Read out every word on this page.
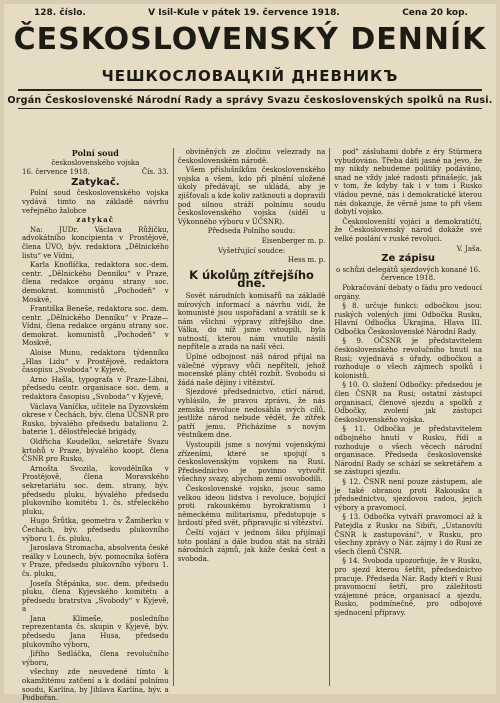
128. číslo.	V Isil-Kule v pátek 19. července 1918.	Cena 20 kop.
ČESKOSLOVENSKÝ DENNÍK
ЧЕШКОСЛОВАЦКІЙ ДНЕВНИКЪ
Orgán Československé Národní Rady a správy Svazu československých spolků na Rusi.
Polní soud

československého vojska

16. července 1918.	Čís. 33.
Zatykač.

Polní soud československého vojska vydává timto na základě návrhu veřejného žalobce

zatykač

Na: JUDr. Václava Růžičku, advokátního koncipienta v Prostějově, člena ÚVO, býv. redaktora „Dělnického listu“ ve Vídni,

Karla Knoflíčka, redaktora soc.-dem. centr. „Dělnického Denníku“ v Praze, člena redakce orgánu strany soc. demokrat. komunistů „Pochodeň“ v Moskvě,

Františka Beneše, redaktora soc. dem. centr. „Dělnického Denníku“ v Praze—Vídni, člena redakce orgánu strany soc. demokrat. komunistů „Pochodeň“ v Moskvě,

Aloise Munu, redaktora týdenníku „Hlas Lidu“ v Prostějově, redaktora časopisu „Svoboda“ v Kyjevě,

Arno Hašla, typografa v Praze-Libni, předsedu centr. organisace soc. dem. a redaktora časopisu „Svoboda“ v Kyjevě,

Václava Vaníčka, učitele na Dyzovském okrese v Čechách, býv. člena ÚČSNR pro Rusko, bývalého předsedu batalionu 2. baterie 1. dělostřelecké brigády,

Oldřicha Koudelku, sekretáře Svazu krtohů v Praze, bývalého koopt. člena ČSNR pro Rusko,

Arnošta Svozila, kovodělníka v Prostějově, člena Moravského sekretariátu soc. dem. strany, býv. předsedu pluku, bývalého předsedu plukovního komitétu 1. čs. střeleckého pluku,

Hugo Šrůtka, geometra v Žamberku v Čechách, býv. předsedu plukovního výboru 1. čs. pluku,

Jaroslava Stromacha, absolventa české reálky v Lounech, býv. pomocníka šoféra v Praze, předsedu plukovního výboru 1. čs. pluku,

Josefa Štěpánka, soc. dem. předsedu pluku, člena Kyjevského komitétu a předsedu bratrstva „Svobody“ v Kyjevě, a

Jana Klimeše, posledního reprezentanta čs. skupin v Kyjevě, býv. předsedu Jana Husa, předsedu plukovního výboru,

Jiřího Sedláčka, člena revolučního výboru,

všechny zde neuvedené tímto k okamžitému zatčení a k dodání polnímu soudu, Karlína, by Jihlava Karlína, býv. a Podbořan.

obviněných ze zločinu velezrady na československém národě.

Všem příslušníkům československého vojska a všem, kdo při plnění uložené úkoly předávají, se ukládá, aby je zjišťovali a kde koliv zatknouti a dopravili pod silnou stráží polnímu soudu československého vojska (síděl u Výkonného výboru v ÚČSNR).

Předseda Polního soudu:

Eisenberger m. p.

Vyšetřující soudce:

Hess m. p.

K úkolům zítřejšího dne.

Sovět národních komisařů na základě mírových informací a návrhu vidí, že komunisté jsou uspořádaní a vrátili se k nám všichni výpravy zítřejšího dne. Válka, do níž jsme vstoupili, byla nutností, kterou nám vnutilo násilí nepřítele a zrada na naší věci.

Úplné odbojnost náš národ přijal na válečné výpravy vůči nepříteli, jehož mocenské plány chtěl rozbít. Svobodu si žádá naše dějiny i vítězství.

Sjezdové předsednictvo, ctící národ, vyhlásilo, že pravou zprávu, že nás zemská revoluce nedosáhla svých cílů, jestliže národ nebude vědět, že zítřek patří jemu. Přicházíme s novým věstníkem dne.

Vystoupili jsme s novými vojenskými zřízeními, které se spojují s československým vojskem na Rusi. Předsednictvo je povinno vytvořit všechny svazy, abychom zemi osvobodili.

Československé vojsko, jsouc samo velkou ideou lidstva i revoluce, bojující proti rakouskému byrokratismu i německému militarismu, předstupuje s hrdostí před svět, připravujíc si vítězství.

Čeští vojáci v jednom šiku přijímají toto poslání a dále budou stát na stráži národních zájmů, jak káže česká čest a svoboda.

pod" zásluhami dobře z éry Stürmera vybudováno. Třeba dáti jasné na jevo, že my nikdy nebudeme politiky podáváno, snad ne vždy jaké radosti přinášejíc, jak v tom, že kdyby tak i v tom i Rusko vládou pevné, nás i demokratické kterou nás dokazuje, že věrně jsme to při všem dobytí vojsko.

Českoslovenští vojáci a demokratičtí, že Československý národ dokáže své velké poslání v ruské revoluci.

V. Jaša.

Ze zápisu

o schůzi delegátů sjezdových konané 16. července 1918.

Pokračování debaty o fádu pro vedoucí orgány.

§ 8. určuje funkci: odbočkou jsou: ruských volených jimi Odbočka Rusku, Hlavní Odbočka Ukrajina, Hlava III. Odbočka Československé Národní Rady.

§ 9. OČSNR je představitelem československého revolučního hnutí na Rusi; vyjednává s úřady, odbočkou a rozhoduje o všech zájmech spolků i kolonistů.

§ 10. O. složení Odbočky: předsedou je člen ČSNR na Rusi; ostatní zástupci organisací, členové sjezdu a spolků z Odbočky, zvolení jak zástupci československého vojska.

§ 11. Odbočka je představitelem odbojného hnutí v Rusku, řídí a rozhoduje o všech věcech národní organisace. Předseda československé Národní Rady se schází se sekretářem a se zástupci sjezdu.

§ 12. ČSNR není pouze zástupem, ale je také obranou proti Rakousku a předsednictvo, sjezdovou radou, jejich výbory a pravomocí.

§ 13. Odbočka vytváří pravomocí až k Patejdla z Rusku na Sibiři, „Ustanovíti ČSNR k zastupování“, v Rusku, pro všechny zprávy o Nár. zájmy i do Rusi ze všech členů ČSNR.

§ 14. Svoboda upozorňuje, že v Rusku, pro sjezd kterou šetřit, předsednictvo pracuje. Předseda Nár. Rady kteří v Rusi pravomocní šetří, pro záležitosti vzájemné práce, organisací a sjezdu. Rusko, podmínečně, pro odbojové sjednocení přípravy.
